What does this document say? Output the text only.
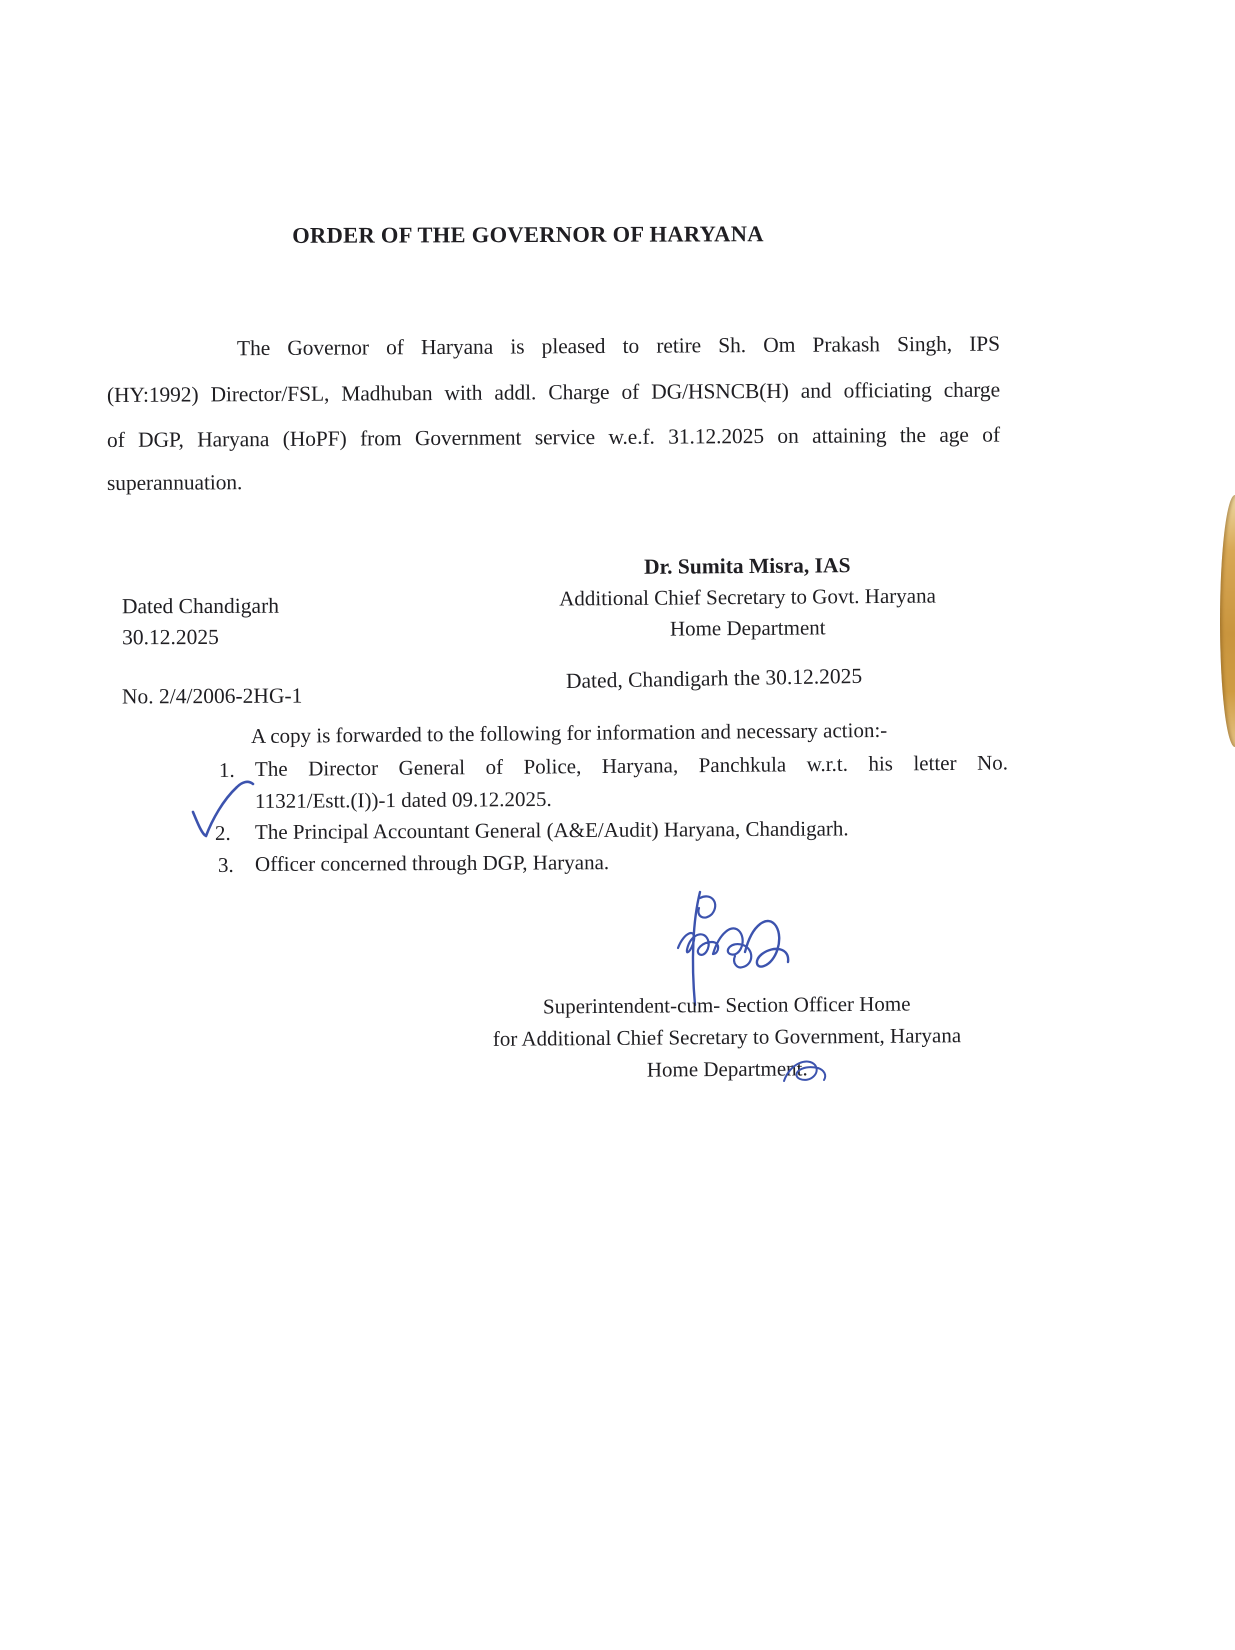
ORDER OF THE GOVERNOR OF HARYANA
The Governor of Haryana is pleased to retire Sh. Om Prakash Singh, IPS
(HY:1992) Director/FSL, Madhuban with addl. Charge of DG/HSNCB(H) and officiating charge
of DGP, Haryana (HoPF) from Government service w.e.f. 31.12.2025 on attaining the age of
superannuation.
Dr. Sumita Misra, IAS
Additional Chief Secretary to Govt. Haryana
Home Department
Dated Chandigarh
30.12.2025
No. 2/4/2006-2HG-1
Dated, Chandigarh the 30.12.2025
A copy is forwarded to the following for information and necessary action:-
1. The Director General of Police, Haryana, Panchkula w.r.t. his letter No.
11321/Estt.(I))-1 dated 09.12.2025.
2. The Principal Accountant General (A&E/Audit) Haryana, Chandigarh.
3. Officer concerned through DGP, Haryana.
Superintendent-cum- Section Officer Home
for Additional Chief Secretary to Government, Haryana
Home Department.
